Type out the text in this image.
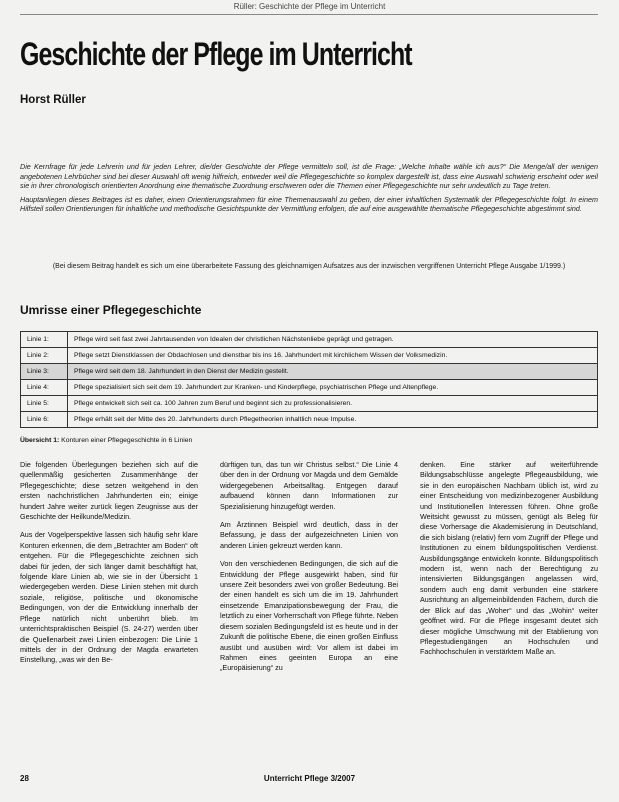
Rüller: Geschichte der Pflege im Unterricht
Geschichte der Pflege im Unterricht
Horst Rüller

Die Kernfrage für jede Lehrerin und für jeden Lehrer, die/der Geschichte der Pflege vermitteln soll, ist die Frage: „Welche Inhalte wähle ich aus?“ Die Menge/all der wenigen angebotenen Lehrbücher sind bei dieser Auswahl oft wenig hilfreich, entweder weil die Pflegegeschichte so komplex dargestellt ist, dass eine Auswahl schwierig erscheint oder weil sie in ihrer chronologisch orientierten Anordnung eine thematische Zuordnung erschweren oder die Themen einer Pflegegeschichte nur sehr undeutlich zu Tage treten.

Hauptanliegen dieses Beitrages ist es daher, einen Orientierungsrahmen für eine Themenauswahl zu geben, der einer inhaltlichen Systematik der Pflegegeschichte folgt. In einem Hilfsteil sollen Orientierungen für inhaltliche und methodische Gesichtspunkte der Vermittlung erfolgen, die auf eine ausgewählte thematische Pflegegeschichte abgestimmt sind.

(Bei diesem Beitrag handelt es sich um eine überarbeitete Fassung des gleichnamigen Aufsatzes aus der inzwischen vergriffenen Unterricht Pflege Ausgabe 1/1999.)
Umrisse einer Pflegegeschichte
Linie 1:	Pflege wird seit fast zwei Jahrtausenden von Idealen der christlichen Nächstenliebe geprägt und getragen.
Linie 2:	Pflege setzt Dienstklassen der Obdachlosen und dienstbar bis ins 16. Jahrhundert mit kirchlichem Wissen der Volksmedizin.
Linie 3:	Pflege wird seit dem 18. Jahrhundert in den Dienst der Medizin gestellt.
Linie 4:	Pflege spezialisiert sich seit dem 19. Jahrhundert zur Kranken- und Kinderpflege, psychiatrischen Pflege und Altenpflege.
Linie 5:	Pflege entwickelt sich seit ca. 100 Jahren zum Beruf und beginnt sich zu professionalisieren.
Linie 6:	Pflege erhält seit der Mitte des 20. Jahrhunderts durch Pflegetheorien inhaltlich neue Impulse.
Übersicht 1: Konturen einer Pflegegeschichte in 6 Linien

Die folgenden Überlegungen beziehen sich auf die quellenmäßig gesicherten Zusammenhänge der Pflegegeschichte; diese setzen weitgehend in den ersten nachchristlichen Jahrhunderten ein; einige hundert Jahre weiter zurück liegen Zeugnisse aus der Geschichte der Heilkunde/Medizin.

Aus der Vogelperspektive lassen sich häufig sehr klare Konturen erkennen, die dem „Betrachter am Boden“ oft entgehen. Für die Pflegegeschichte zeichnen sich dabei für jeden, der sich länger damit beschäftigt hat, folgende klare Linien ab, wie sie in der Übersicht 1 wiedergegeben werden. Diese Linien stehen mit durch soziale, religiöse, politische und ökonomische Bedingungen, von der die Entwicklung innerhalb der Pflege natürlich nicht unberührt blieb. Im unterrichtspraktischen Beispiel (S. 24-27) werden über die Quellenarbeit zwei Linien einbezogen: Die Linie 1 mittels der in der Ordnung der Magda erwarteten Einstellung, „was wir den Be-

dürftigen tun, das tun wir Christus selbst.“ Die Linie 4 über den in der Ordnung vor Magda und dem Gemälde widergegebenen Arbeitsalltag. Entgegen darauf aufbauend können dann Informationen zur Spezialisierung hinzugefügt werden.

Am Ärztinnen Beispiel wird deutlich, dass in der Befassung, je dass der aufgezeichneten Linien von anderen Linien gekreuzt werden kann.

Von den verschiedenen Bedingungen, die sich auf die Entwicklung der Pflege ausgewirkt haben, sind für unsere Zeit besonders zwei von großer Bedeutung. Bei der einen handelt es sich um die im 19. Jahrhundert einsetzende Emanzipationsbewegung der Frau, die letztlich zu einer Vorherrschaft von Pflege führte. Neben diesem sozialen Bedingungsfeld ist es heute und in der Zukunft die politische Ebene, die einen großen Einfluss ausübt und ausüben wird: Vor allem ist dabei im Rahmen eines geeinten Europa an eine „Europäisierung“ zu

denken. Eine stärker auf weiterführende Bildungsabschlüsse angelegte Pflegeausbildung, wie sie in den europäischen Nachbarn üblich ist, wird zu einer Entscheidung von medizinbezogener Ausbildung und Institutionellen Interessen führen. Ohne große Weitsicht gewusst zu müssen, genügt als Beleg für diese Vorhersage die Akademisierung in Deutschland, die sich bislang (relativ) fern vom Zugriff der Pflege und Institutionen zu einem bildungspolitischen Verdienst. Ausbildungsgänge entwickeln konnte. Bildungspolitisch modern ist, wenn nach der Berechtigung zu intensivierten Bildungsgängen angelassen wird, sondern auch eng damit verbunden eine stärkere Ausrichtung an allgemeinbildenden Fächern, durch die der Blick auf das „Woher“ und das „Wohin“ weiter geöffnet wird. Für die Pflege insgesamt deutet sich dieser mögliche Umschwung mit der Etablierung von Pflegestudiengängen an Hochschulen und Fachhochschulen in verstärktem Maße an.

28	Unterricht Pflege 3/2007
